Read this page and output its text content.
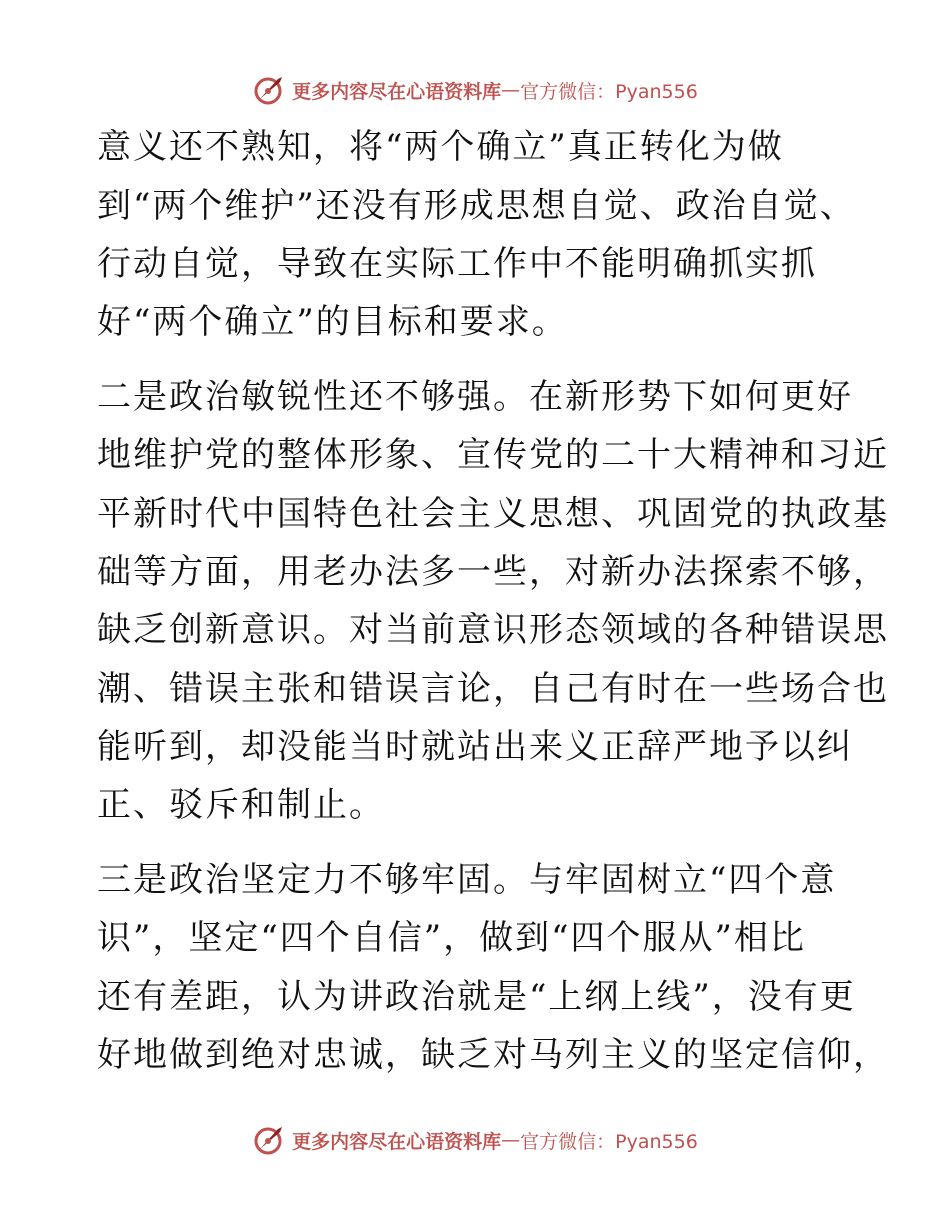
更多内容尽在心语资料库 — 官方微信：Pyan556
意义还不熟知，将“两个确立”真正转化为做
到“两个维护”还没有形成思想自觉、政治自觉、
行动自觉，导致在实际工作中不能明确抓实抓
好“两个确立”的目标和要求。
二是政治敏锐性还不够强。在新形势下如何更好
地维护党的整体形象、宣传党的二十大精神和习近
平新时代中国特色社会主义思想、巩固党的执政基
础等方面，用老办法多一些，对新办法探索不够，
缺乏创新意识。对当前意识形态领域的各种错误思
潮、错误主张和错误言论，自己有时在一些场合也
能听到，却没能当时就站出来义正辞严地予以纠
正、驳斥和制止。
三是政治坚定力不够牢固。与牢固树立“四个意
识”，坚定“四个自信”，做到“四个服从”相比
还有差距，认为讲政治就是“上纲上线”，没有更
好地做到绝对忠诚，缺乏对马列主义的坚定信仰，
更多内容尽在心语资料库 — 官方微信：Pyan556
